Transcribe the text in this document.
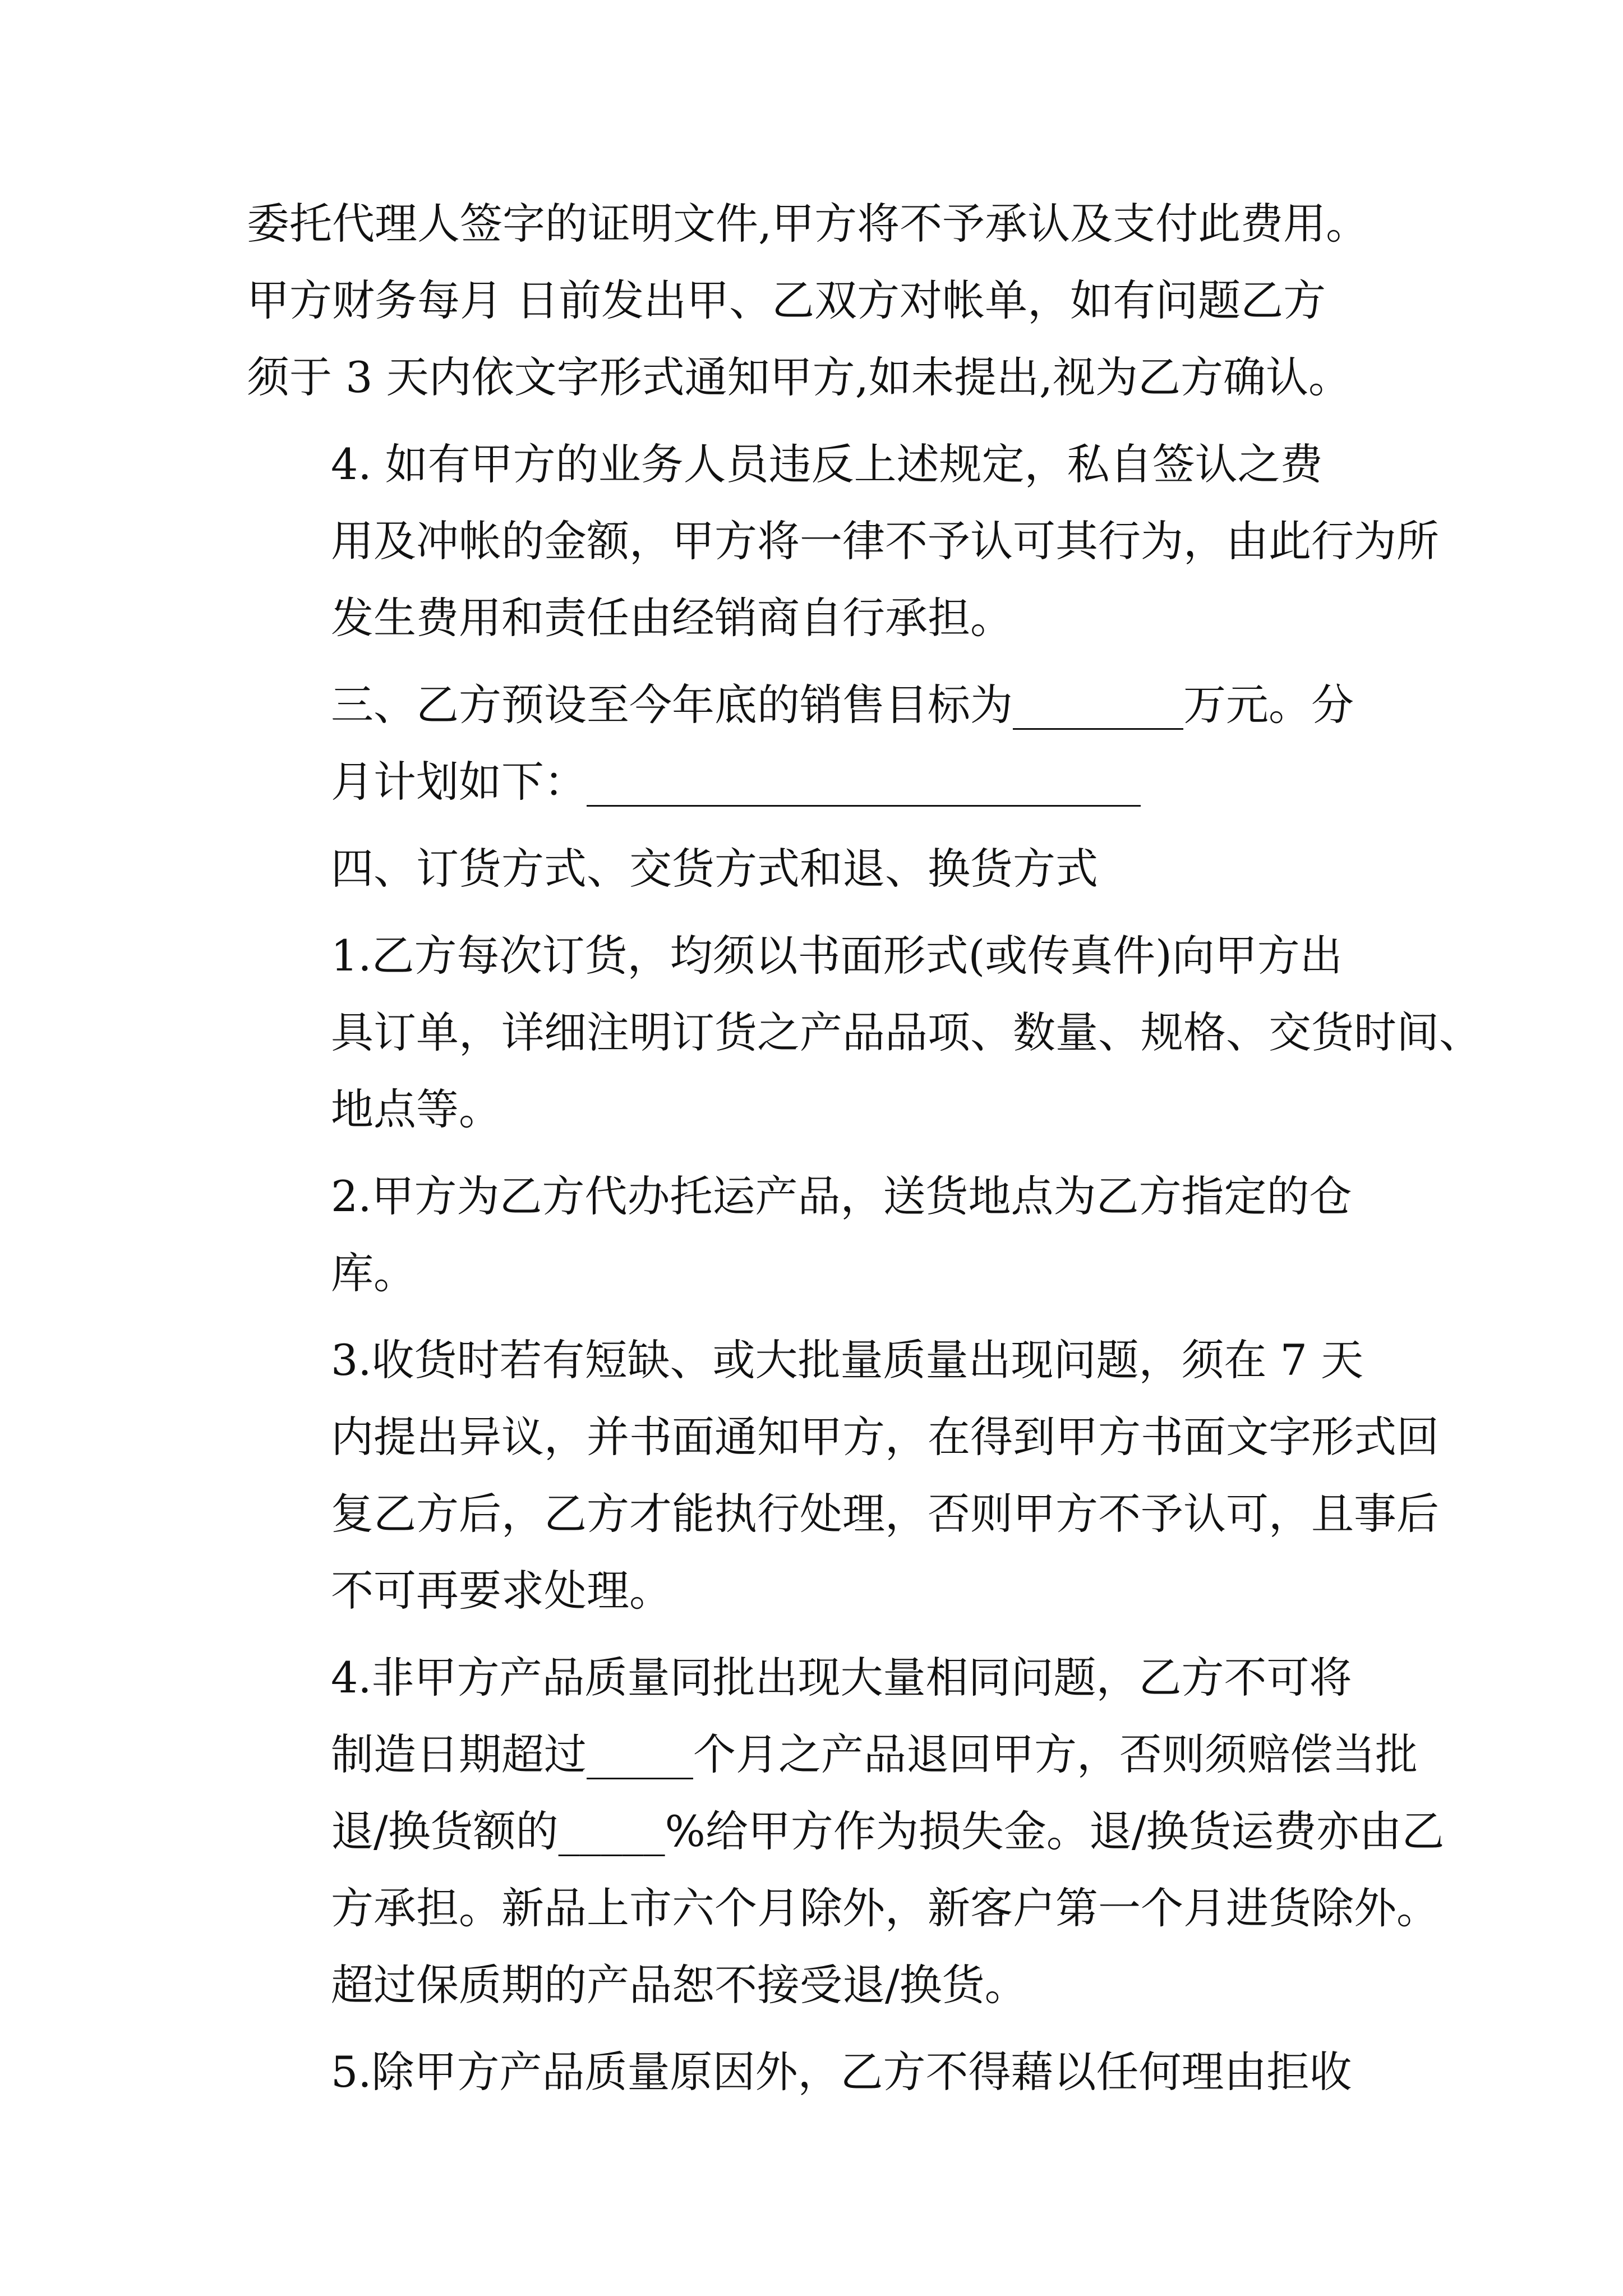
委托代理人签字的证明文件,甲方将不予承认及支付此费用。
甲方财务每月 日前发出甲、乙双方对帐单，如有问题乙方
须于 3 天内依文字形式通知甲方,如未提出,视为乙方确认。

4. 如有甲方的业务人员违反上述规定，私自签认之费
用及冲帐的金额，甲方将一律不予认可其行为，由此行为所
发生费用和责任由经销商自行承担。

三、乙方预设至今年底的销售目标为________万元。分
月计划如下：__________________________

四、订货方式、交货方式和退、换货方式

1.乙方每次订货，均须以书面形式(或传真件)向甲方出
具订单，详细注明订货之产品品项、数量、规格、交货时间、
地点等。

2.甲方为乙方代办托运产品，送货地点为乙方指定的仓
库。

3.收货时若有短缺、或大批量质量出现问题，须在 7 天
内提出异议，并书面通知甲方，在得到甲方书面文字形式回
复乙方后，乙方才能执行处理，否则甲方不予认可，且事后
不可再要求处理。

4.非甲方产品质量同批出现大量相同问题，乙方不可将
制造日期超过_____个月之产品退回甲方，否则须赔偿当批
退/换货额的_____%给甲方作为损失金。退/换货运费亦由乙
方承担。新品上市六个月除外，新客户第一个月进货除外。
超过保质期的产品恕不接受退/换货。

5.除甲方产品质量原因外，乙方不得藉以任何理由拒收
